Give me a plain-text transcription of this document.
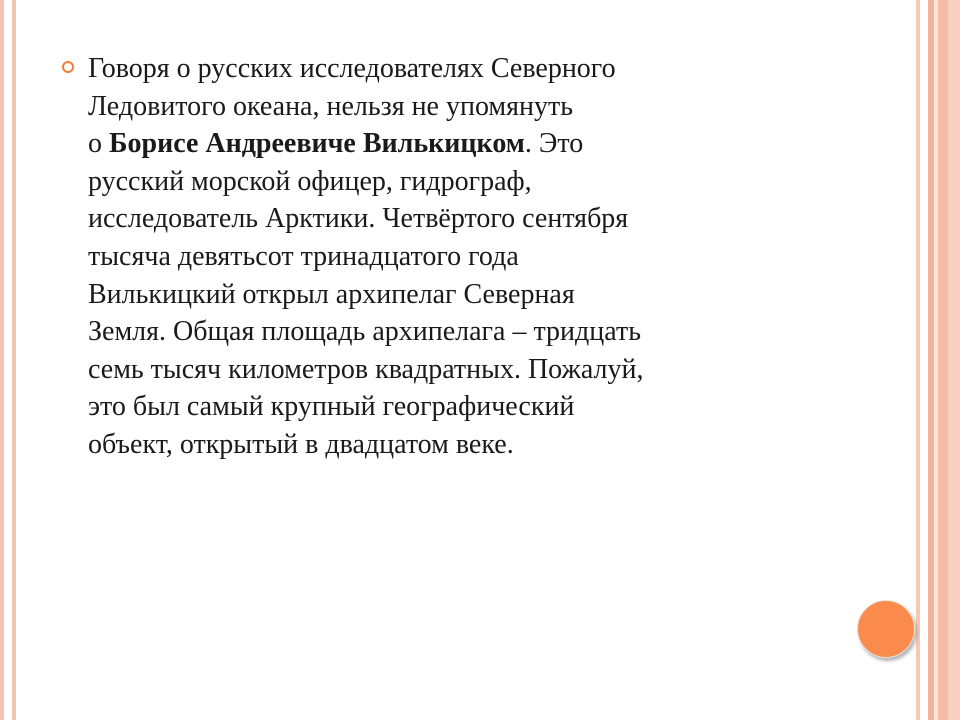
Говоря о русских исследователях Северного
Ледовитого океана, нельзя не упомянуть
о Борисе Андреевиче Вилькицком. Это
русский морской офицер, гидрограф,
исследователь Арктики. Четвёртого сентября
тысяча девятьсот тринадцатого года
Вилькицкий открыл архипелаг Северная
Земля. Общая площадь архипелага – тридцать
семь тысяч километров квадратных. Пожалуй,
это был самый крупный географический
объект, открытый в двадцатом веке.
